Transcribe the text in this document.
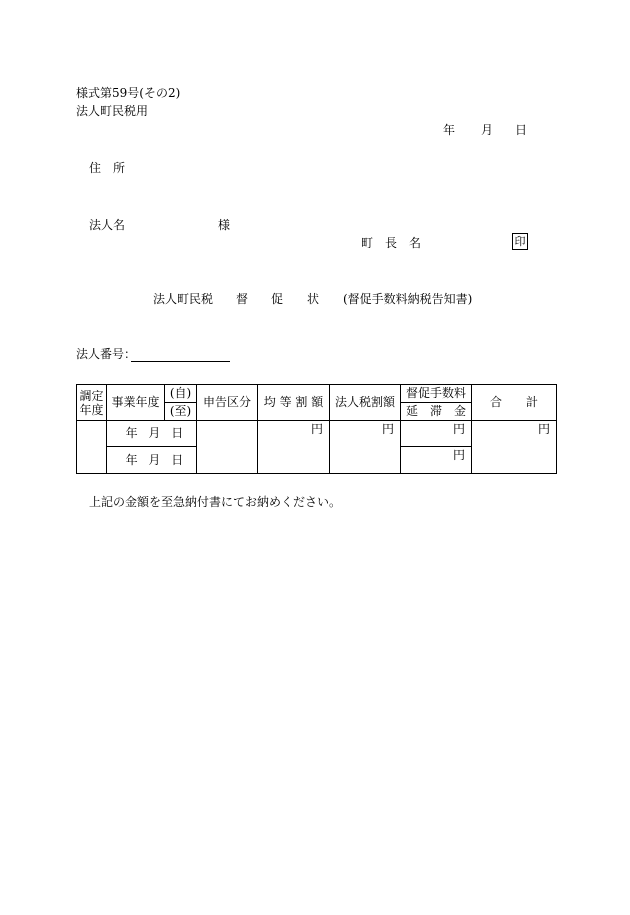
様式第59号(その2)
法人町民税用
年 月 日
住　所
法人名	様
町　長　名	印
法人町民税 督 促 状 (督促手数料納税告知書)
法人番号：
調定
年度	事業年度	(自)	申告区分	均 等 割 額	法人税割額	督促手数料	合　　計
		(至)				延　滞　金	
	年月日			円	円	円	円
	年月日					円	
上記の金額を至急納付書にてお納めください。
